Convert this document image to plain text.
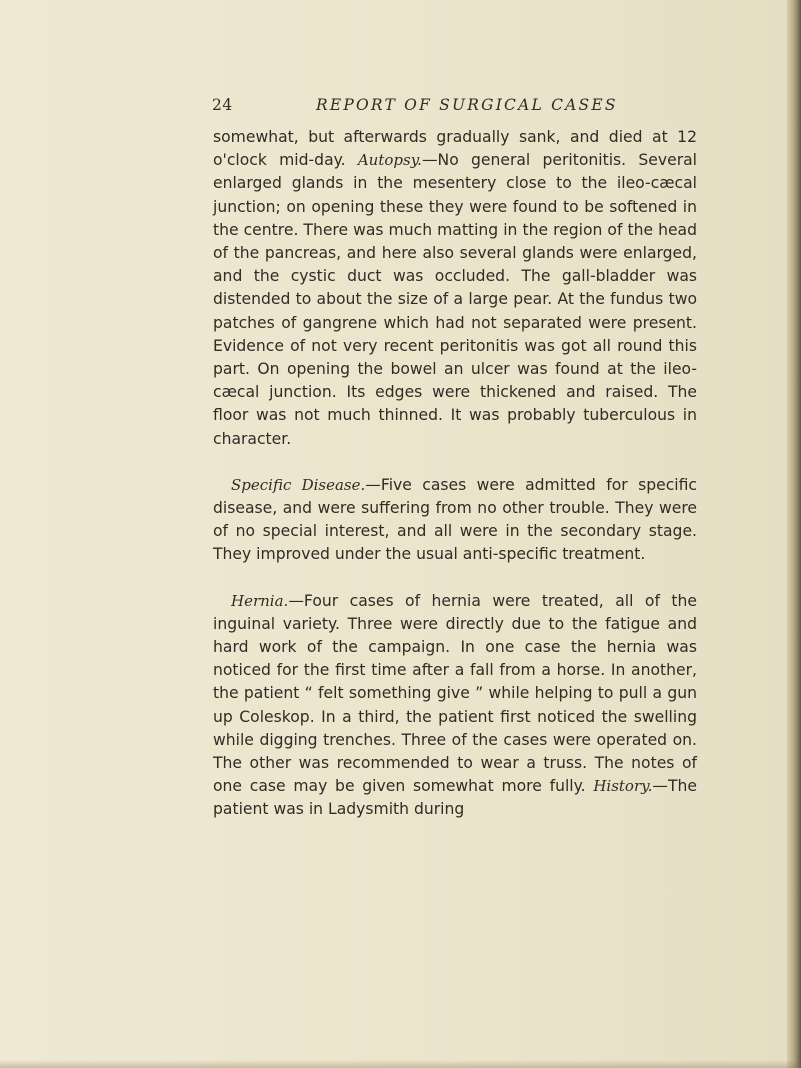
24	REPORT OF SURGICAL CASES

somewhat, but afterwards gradually sank, and died at 12 o'clock mid-day. Autopsy.—No general peritonitis. Several enlarged glands in the mesentery close to the ileo-cæcal junction; on opening these they were found to be softened in the centre. There was much matting in the region of the head of the pancreas, and here also several glands were enlarged, and the cystic duct was occluded. The gall-bladder was distended to about the size of a large pear. At the fundus two patches of gangrene which had not separated were present. Evidence of not very recent peritonitis was got all round this part. On opening the bowel an ulcer was found at the ileo-cæcal junction. Its edges were thickened and raised. The floor was not much thinned. It was probably tuberculous in character.

Specific Disease.—Five cases were admitted for specific disease, and were suffering from no other trouble. They were of no special interest, and all were in the secondary stage. They improved under the usual anti-specific treatment.

Hernia.—Four cases of hernia were treated, all of the inguinal variety. Three were directly due to the fatigue and hard work of the campaign. In one case the hernia was noticed for the first time after a fall from a horse. In another, the patient “ felt something give ” while helping to pull a gun up Coleskop. In a third, the patient first noticed the swelling while digging trenches. Three of the cases were operated on. The other was recommended to wear a truss. The notes of one case may be given somewhat more fully. History.—The patient was in Ladysmith during
